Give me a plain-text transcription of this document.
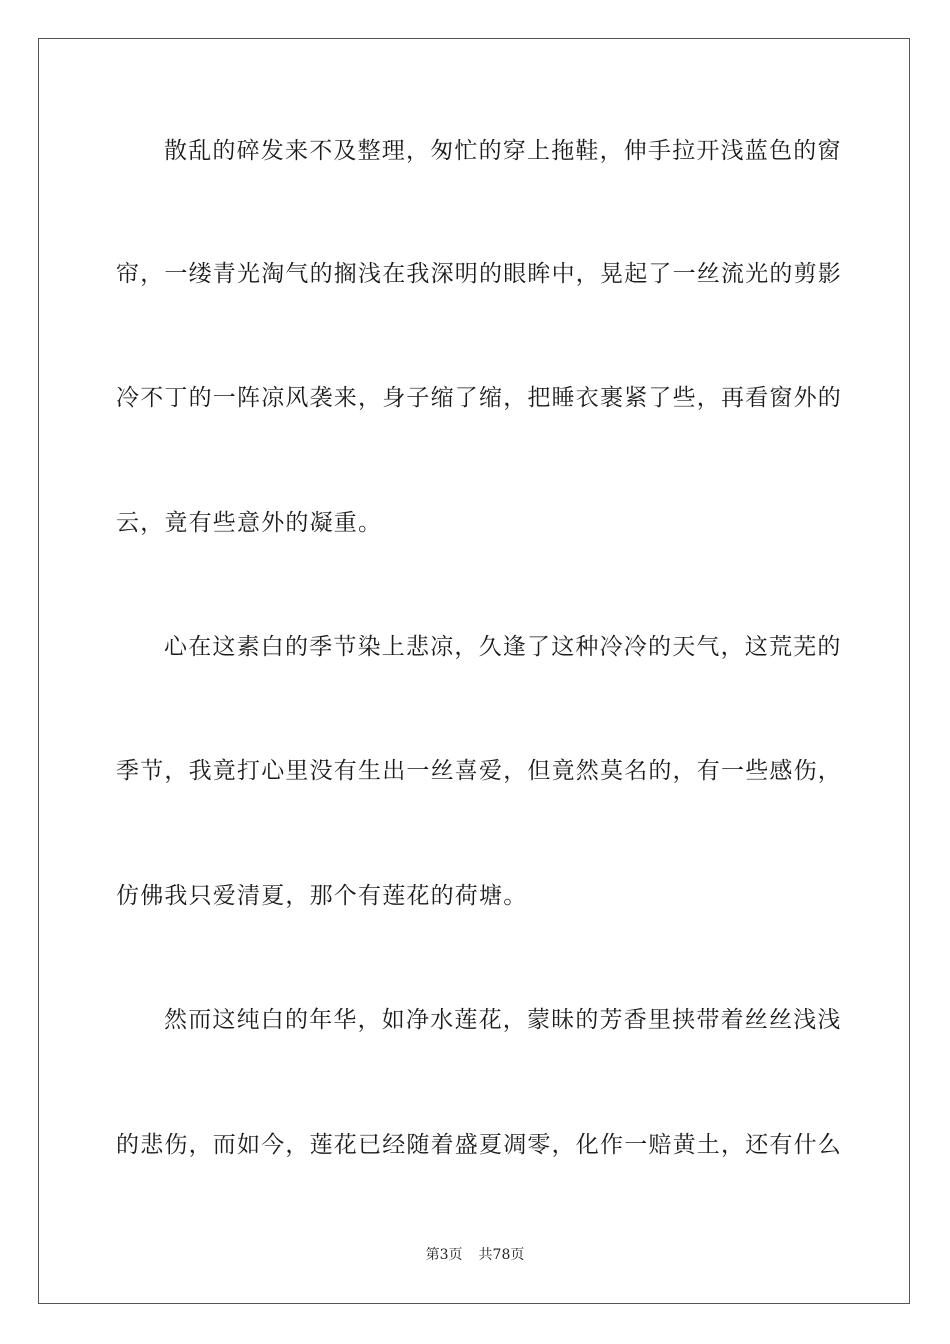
散乱的碎发来不及整理，匆忙的穿上拖鞋，伸手拉开浅蓝色的窗
帘，一缕青光淘气的搁浅在我深明的眼眸中，晃起了一丝流光的剪影
冷不丁的一阵凉风袭来，身子缩了缩，把睡衣裹紧了些，再看窗外的
云，竟有些意外的凝重。
心在这素白的季节染上悲凉，久逢了这种冷冷的天气，这荒芜的
季节，我竟打心里没有生出一丝喜爱，但竟然莫名的，有一些感伤，
仿佛我只爱清夏，那个有莲花的荷塘。
然而这纯白的年华，如净水莲花，蒙昧的芳香里挟带着丝丝浅浅
的悲伤，而如今，莲花已经随着盛夏凋零，化作一赔黄土，还有什么
第3页 共78页
